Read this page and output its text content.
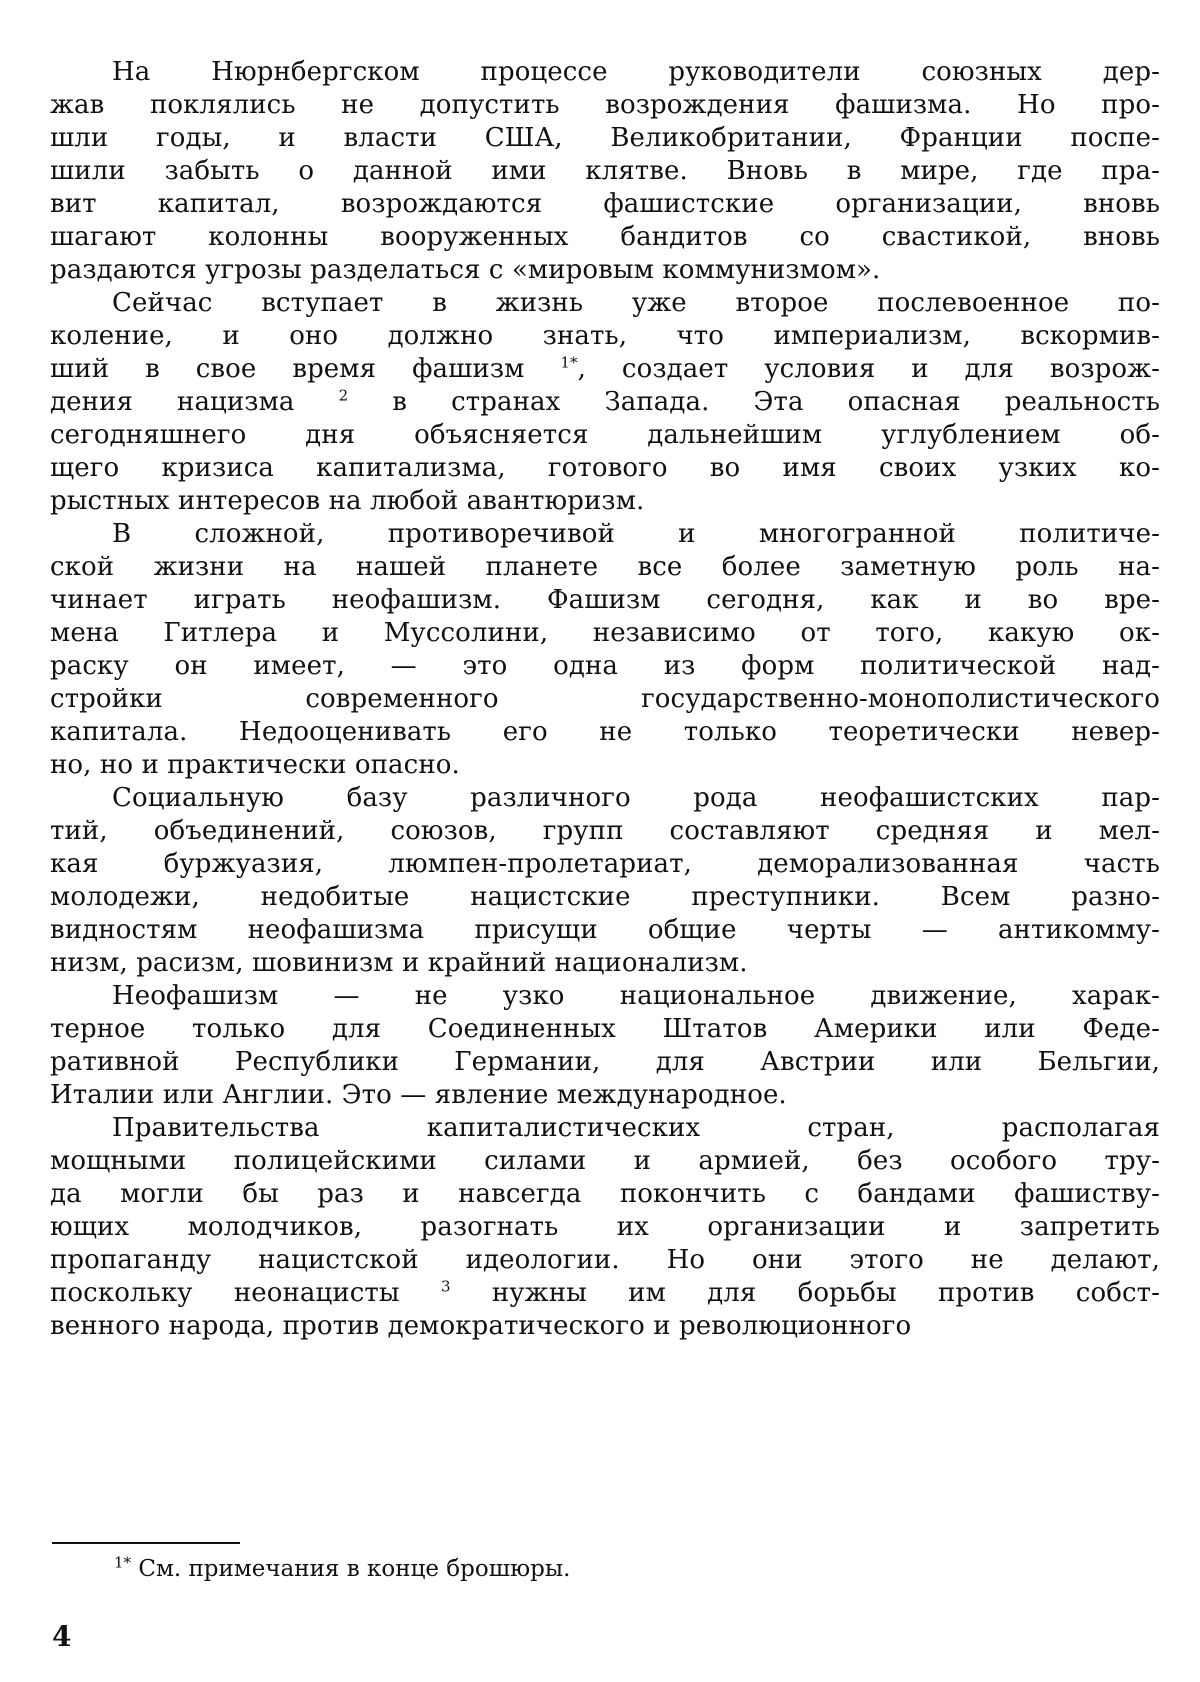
На Нюрнбергском процессе руководители союзных дер-
жав поклялись не допустить возрождения фашизма. Но про-
шли годы, и власти США, Великобритании, Франции поспе-
шили забыть о данной ими клятве. Вновь в мире, где пра-
вит капитал, возрождаются фашистские организации, вновь
шагают колонны вооруженных бандитов со свастикой, вновь
раздаются угрозы разделаться с «мировым коммунизмом».
Сейчас вступает в жизнь уже второе послевоенное по-
коление, и оно должно знать, что империализм, вскормив-
ший в свое время фашизм $^{1*}$, создает условия и для возрож-
дения нацизма $^2$ в странах Запада. Эта опасная реальность
сегодняшнего дня объясняется дальнейшим углублением об-
щего кризиса капитализма, готового во имя своих узких ко-
рыстных интересов на любой авантюризм.
В сложной, противоречивой и многогранной политиче-
ской жизни на нашей планете все более заметную роль на-
чинает играть неофашизм. Фашизм сегодня, как и во вре-
мена Гитлера и Муссолини, независимо от того, какую ок-
раску он имеет, — это одна из форм политической над-
стройки современного государственно-монополистического
капитала. Недооценивать его не только теоретически невер-
но, но и практически опасно.
Социальную базу различного рода неофашистских пар-
тий, объединений, союзов, групп составляют средняя и мел-
кая буржуазия, люмпен-пролетариат, деморализованная часть
молодежи, недобитые нацистские преступники. Всем разно-
видностям неофашизма присущи общие черты — антикомму-
низм, расизм, шовинизм и крайний национализм.
Неофашизм — не узко национальное движение, харак-
терное только для Соединенных Штатов Америки или Феде-
ративной Республики Германии, для Австрии или Бельгии,
Италии или Англии. Это — явление международное.
Правительства капиталистических стран, располагая
мощными полицейскими силами и армией, без особого тру-
да могли бы раз и навсегда покончить с бандами фашиству-
ющих молодчиков, разогнать их организации и запретить
пропаганду нацистской идеологии. Но они этого не делают,
поскольку неонацисты $^3$ нужны им для борьбы против собст-
венного народа, против демократического и революционного
$^{1*}$ См. примечания в конце брошюры.
4
